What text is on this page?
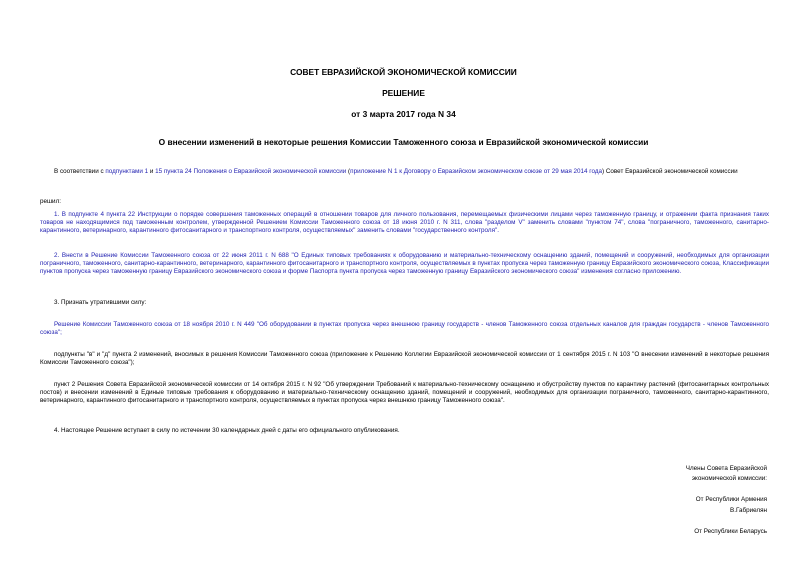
СОВЕТ ЕВРАЗИЙСКОЙ ЭКОНОМИЧЕСКОЙ КОМИССИИ
РЕШЕНИЕ
от 3 марта 2017 года N 34
О внесении изменений в некоторые решения Комиссии Таможенного союза и Евразийской экономической комиссии
В соответствии с подпунктами 1 и 15 пункта 24 Положения о Евразийской экономической комиссии (приложение N 1 к Договору о Евразийском экономическом союзе от 29 мая 2014 года) Совет Евразийской экономической комиссии
решил:
1. В подпункте 4 пункта 22 Инструкции о порядке совершения таможенных операций в отношении товаров для личного пользования, перемещаемых физическими лицами через таможенную границу, и отражении факта признания таких товаров не находящимися под таможенным контролем, утвержденной Решением Комиссии Таможенного союза от 18 июня 2010 г. N 311, слова "разделом V" заменить словами "пунктом 74", слова "пограничного, таможенного, санитарно-карантинного, ветеринарного, карантинного фитосанитарного и транспортного контроля, осуществляемых" заменить словами "государственного контроля".
2. Внести в Решение Комиссии Таможенного союза от 22 июня 2011 г. N 688 "О Единых типовых требованиях к оборудованию и материально-техническому оснащению зданий, помещений и сооружений, необходимых для организации пограничного, таможенного, санитарно-карантинного, ветеринарного, карантинного фитосанитарного и транспортного контроля, осуществляемых в пунктах пропуска через таможенную границу Евразийского экономического союза, Классификации пунктов пропуска через таможенную границу Евразийского экономического союза и форме Паспорта пункта пропуска через таможенную границу Евразийского экономического союза" изменения согласно приложению.
3. Признать утратившими силу:
Решение Комиссии Таможенного союза от 18 ноября 2010 г. N 449 "Об оборудовании в пунктах пропуска через внешнюю границу государств - членов Таможенного союза отдельных каналов для граждан государств - членов Таможенного союза";
подпункты "в" и "д" пункта 2 изменений, вносимых в решения Комиссии Таможенного союза (приложение к Решению Коллегии Евразийской экономической комиссии от 1 сентября 2015 г. N 103 "О внесении изменений в некоторые решения Комиссии Таможенного союза");
пункт 2 Решения Совета Евразийской экономической комиссии от 14 октября 2015 г. N 92 "Об утверждении Требований к материально-техническому оснащению и обустройству пунктов по карантину растений (фитосанитарных контрольных постов) и внесении изменений в Единые типовые требования к оборудованию и материально-техническому оснащению зданий, помещений и сооружений, необходимых для организации пограничного, таможенного, санитарно-карантинного, ветеринарного, карантинного фитосанитарного и транспортного контроля, осуществляемых в пунктах пропуска через внешнюю границу Таможенного союза".
4. Настоящее Решение вступает в силу по истечении 30 календарных дней с даты его официального опубликования.
Члены Совета Евразийской
экономической комиссии:
От Республики Армения
В.Габриелян
От Республики Беларусь
